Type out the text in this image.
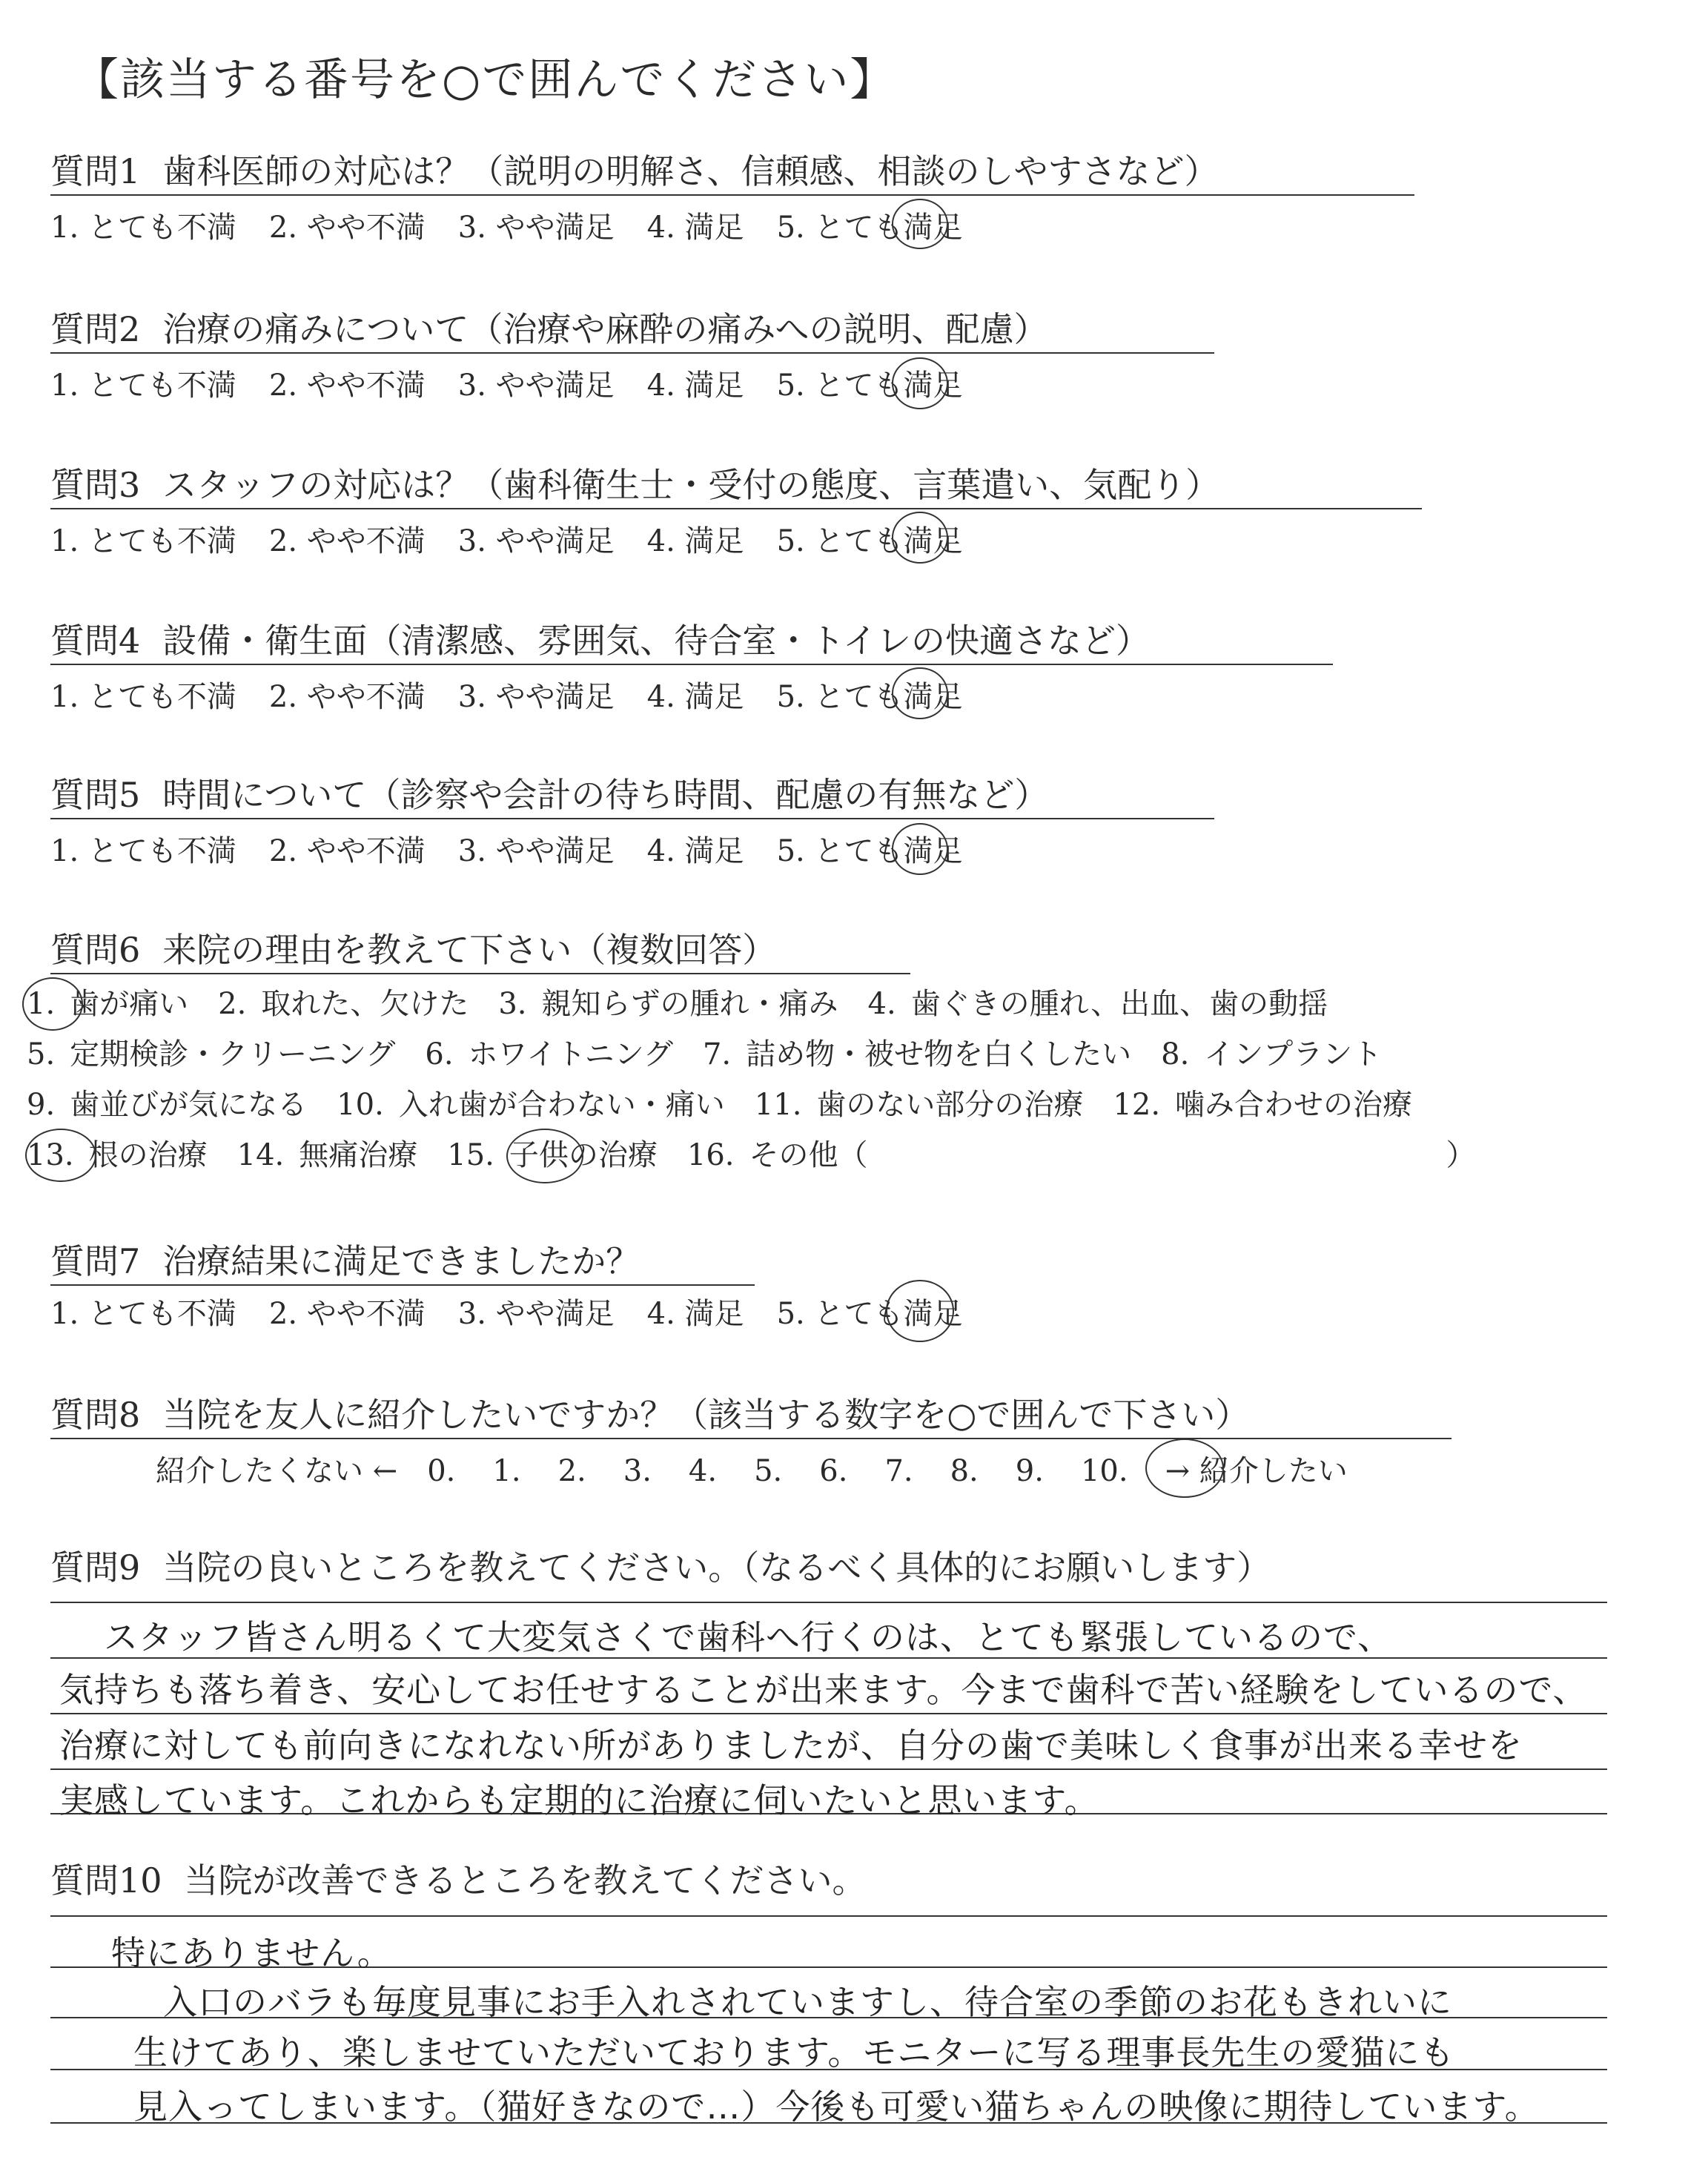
【該当する番号を○で囲んでください】
質問1 歯科医師の対応は？（説明の明解さ、信頼感、相談のしやすさなど）
1. とても不満 2. やや不満 3. やや満足 4. 満足 5. とても満足
質問2 治療の痛みについて（治療や麻酔の痛みへの説明、配慮）
1. とても不満 2. やや不満 3. やや満足 4. 満足 5. とても満足
質問3 スタッフの対応は？（歯科衛生士・受付の態度、言葉遣い、気配り）
1. とても不満 2. やや不満 3. やや満足 4. 満足 5. とても満足
質問4 設備・衛生面（清潔感、雰囲気、待合室・トイレの快適さなど）
1. とても不満 2. やや不満 3. やや満足 4. 満足 5. とても満足
質問5 時間について（診察や会計の待ち時間、配慮の有無など）
1. とても不満 2. やや不満 3. やや満足 4. 満足 5. とても満足
質問6 来院の理由を教えて下さい（複数回答）
1. 歯が痛い 2. 取れた、欠けた 3. 親知らずの腫れ・痛み 4. 歯ぐきの腫れ、出血、歯の動揺
5. 定期検診・クリーニング 6. ホワイトニング 7. 詰め物・被せ物を白くしたい 8. インプラント
9. 歯並びが気になる 10. 入れ歯が合わない・痛い 11. 歯のない部分の治療 12. 噛み合わせの治療
13. 根の治療 14. 無痛治療 15. 子供の治療 16. その他（	）
質問7 治療結果に満足できましたか？
1. とても不満 2. やや不満 3. やや満足 4. 満足 5. とても満足
質問8 当院を友人に紹介したいですか？（該当する数字を○で囲んで下さい）
紹介したくない ← 0. 1. 2. 3. 4. 5. 6. 7. 8. 9. 10. → 紹介したい
質問9 当院の良いところを教えてください。（なるべく具体的にお願いします）
スタッフ皆さん明るくて大変気さくで歯科へ行くのは、とても緊張しているので、
気持ちも落ち着き、安心してお任せすることが出来ます。今まで歯科で苦い経験をしているので、
治療に対しても前向きになれない所がありましたが、自分の歯で美味しく食事が出来る幸せを
実感しています。これからも定期的に治療に伺いたいと思います。
質問10 当院が改善できるところを教えてください。
特にありません。
入口のバラも毎度見事にお手入れされていますし、待合室の季節のお花もきれいに
生けてあり、楽しませていただいております。モニターに写る理事長先生の愛猫にも
見入ってしまいます。（猫好きなので…）今後も可愛い猫ちゃんの映像に期待しています。
